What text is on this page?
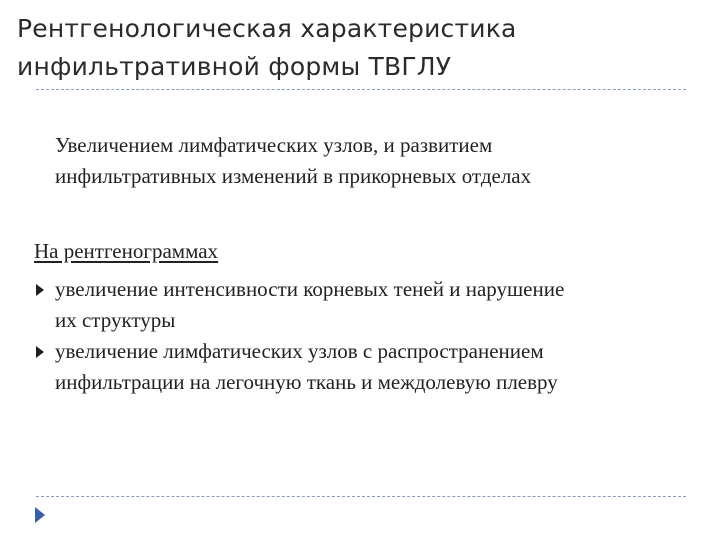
Рентгенологическая характеристика
инфильтративной формы ТВГЛУ
Увеличением лимфатических узлов, и развитием
инфильтративных изменений в прикорневых отделах
На рентгенограммах
увеличение интенсивности корневых теней и нарушение
их структуры
увеличение лимфатических узлов с распространением
инфильтрации на легочную ткань и междолевую плевру
